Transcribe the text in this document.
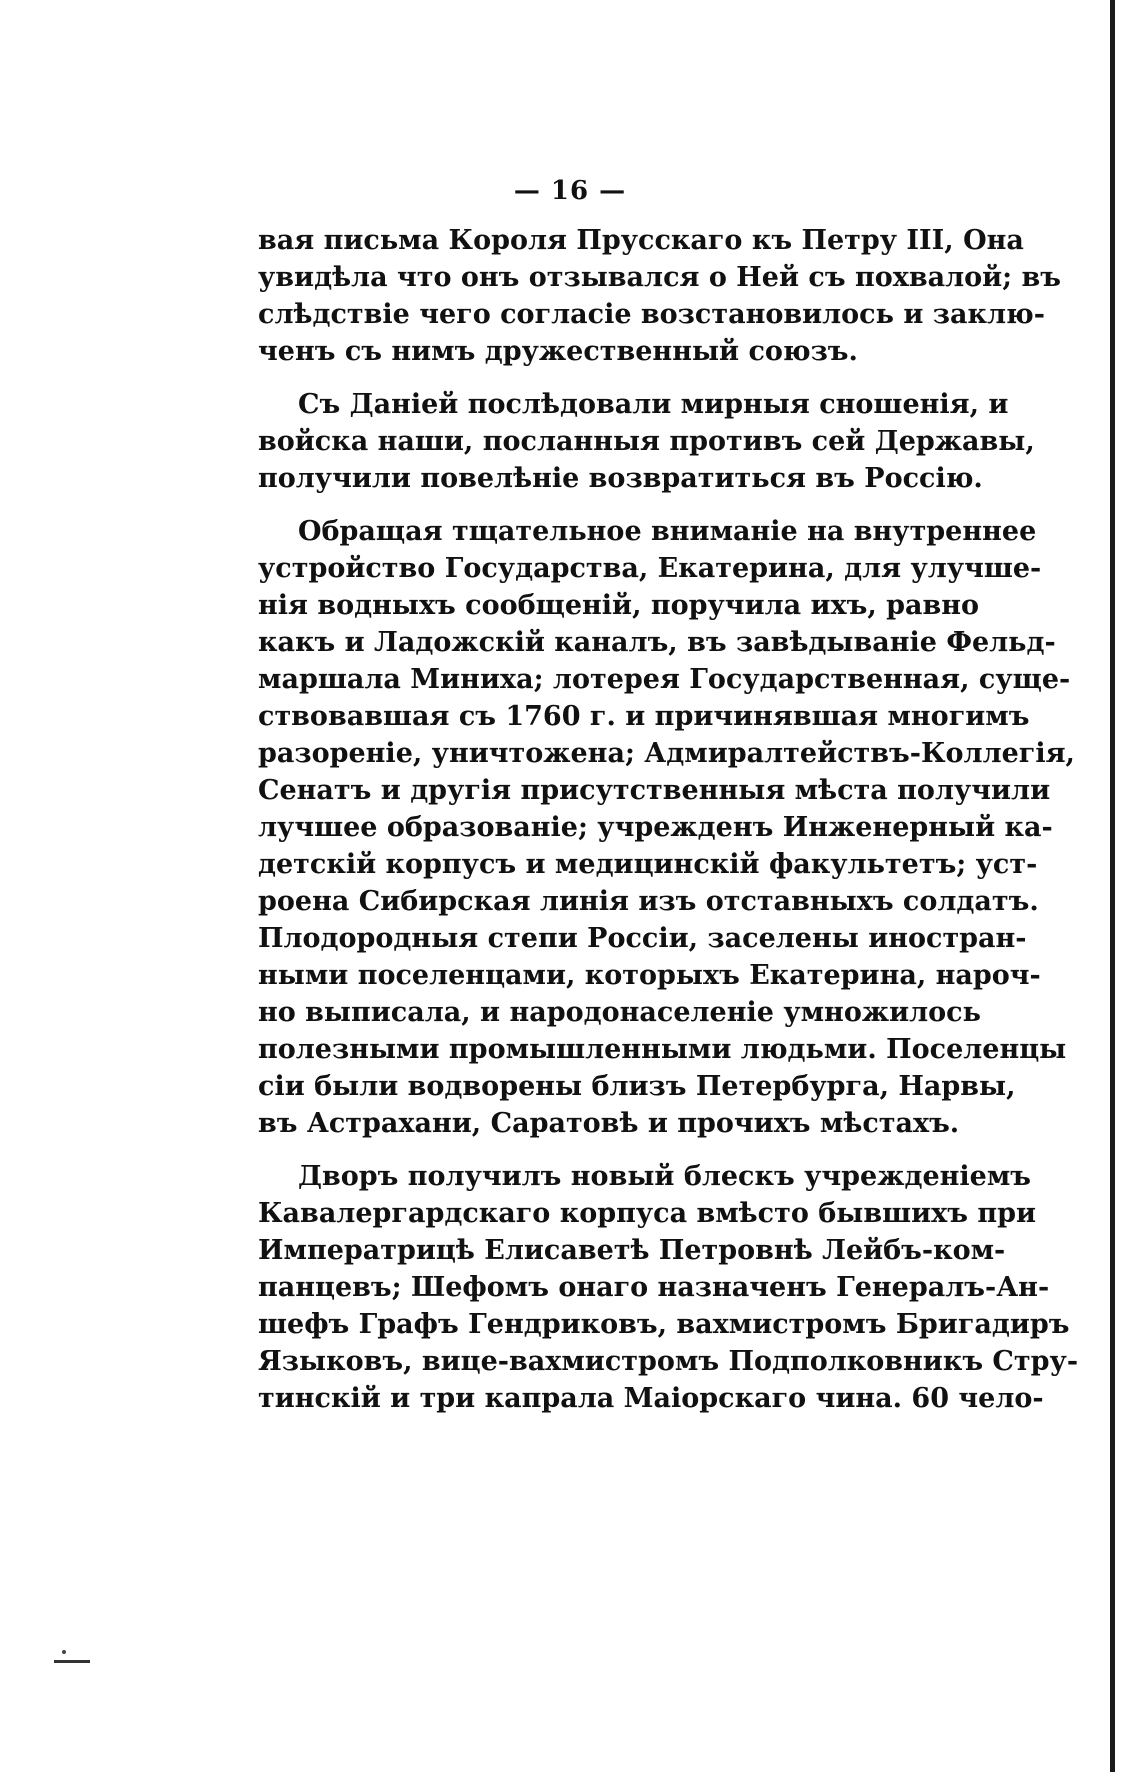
— 16 —
вая письма Короля Прусскаго къ Петру III, Она
увидѣла что онъ отзывался о Ней съ похвалой; въ
слѣдствіе чего согласіе возстановилось и заклю-
ченъ съ нимъ дружественный союзъ.
Съ Даніей послѣдовали мирныя сношенія, и
войска наши, посланныя противъ сей Державы,
получили повелѣніе возвратиться въ Россію.
Обращая тщательное вниманіе на внутреннее
устройство Государства, Екатерина, для улучше-
нія водныхъ сообщеній, поручила ихъ, равно
какъ и Ладожскій каналъ, въ завѣдываніе Фельд-
маршала Миниха; лотерея Государственная, суще-
ствовавшая съ 1760 г. и причинявшая многимъ
разореніе, уничтожена; Адмиралтействъ-Коллегія,
Сенатъ и другія присутственныя мѣста получили
лучшее образованіе; учрежденъ Инженерный ка-
детскій корпусъ и медицинскій факультетъ; уст-
роена Сибирская линія изъ отставныхъ солдатъ.
Плодородныя степи Россіи, заселены иностран-
ными поселенцами, которыхъ Екатерина, нароч-
но выписала, и народонаселеніе умножилось
полезными промышленными людьми. Поселенцы
сіи были водворены близъ Петербурга, Нарвы,
въ Астрахани, Саратовѣ и прочихъ мѣстахъ.
Дворъ получилъ новый блескъ учрежденіемъ
Кавалергардскаго корпуса вмѣсто бывшихъ при
Императрицѣ Елисаветѣ Петровнѣ Лейбъ-ком-
панцевъ; Шефомъ онаго назначенъ Генералъ-Ан-
шефъ Графъ Гендриковъ, вахмистромъ Бригадиръ
Языковъ, вице-вахмистромъ Подполковникъ Стру-
тинскій и три капрала Маіорскаго чина. 60 чело-
